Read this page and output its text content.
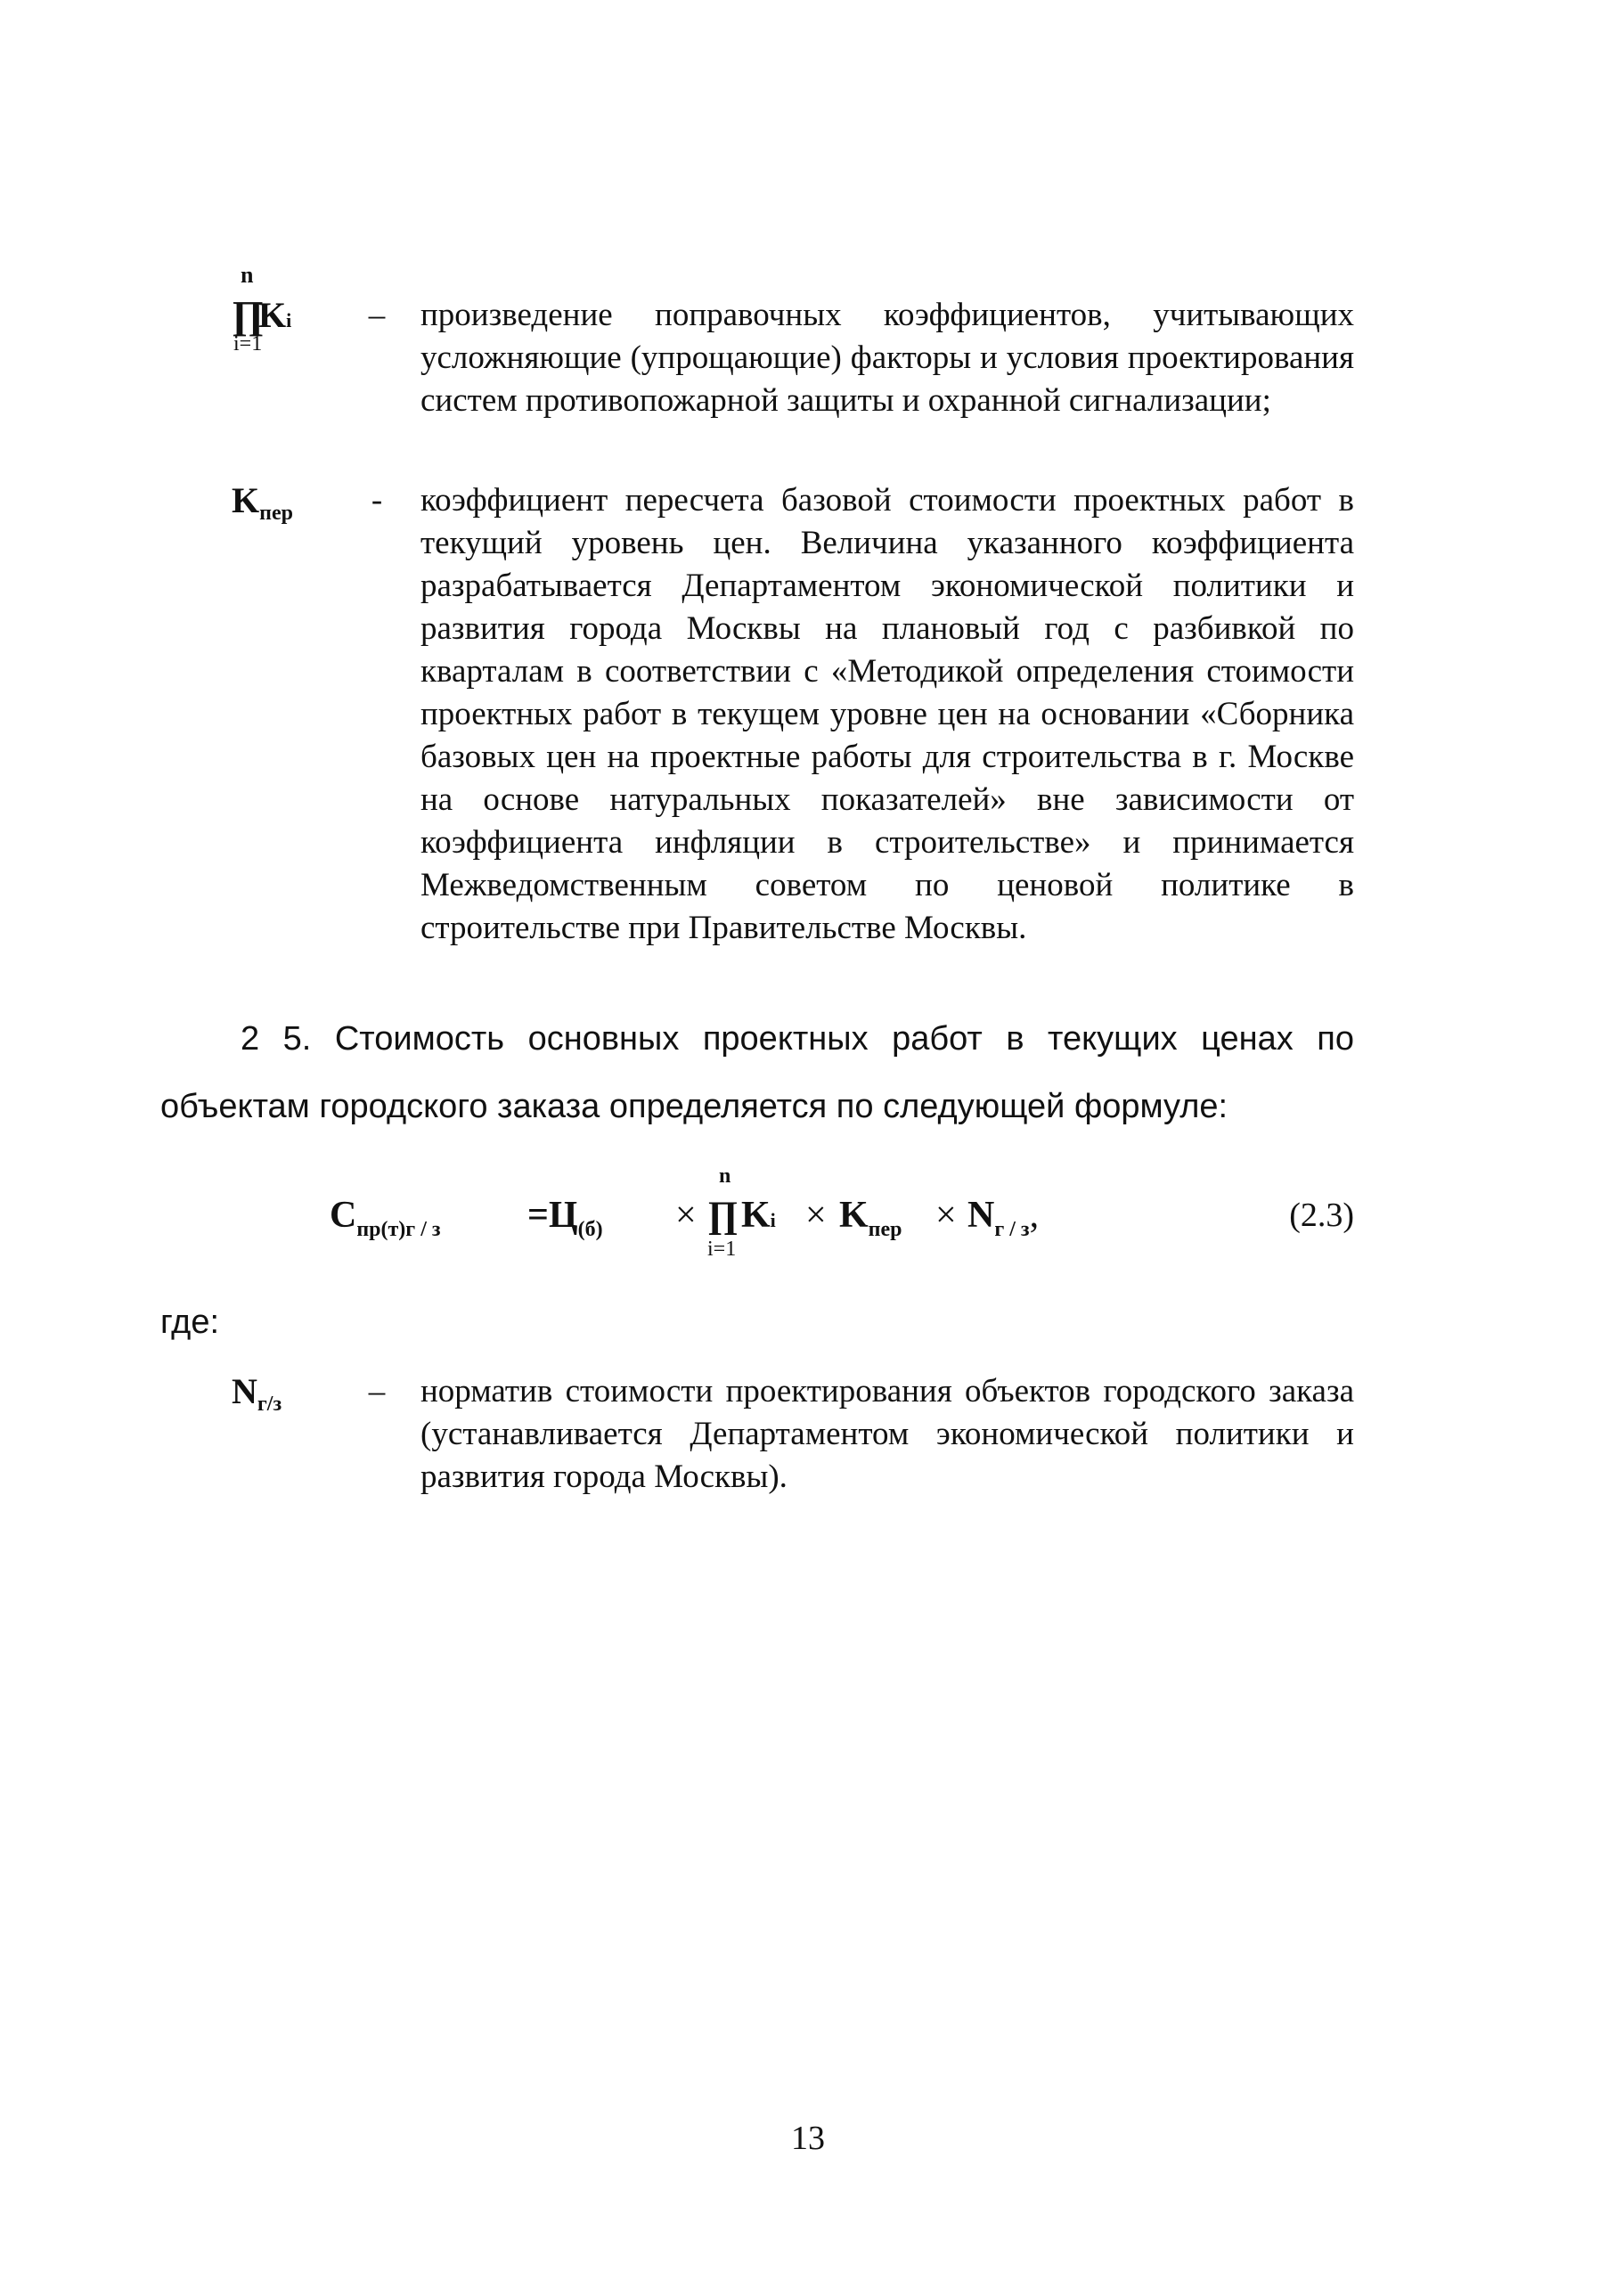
n
∏
Ki
i=1
– произведение поправочных коэффициентов, учитывающих усложняющие (упрощающие) факторы и условия проектирования систем противопожарной защиты и охранной сигнализации;
$K_{пер}$	- коэффициент пересчета базовой стоимости проектных работ в текущий уровень цен. Величина указанного коэффициента разрабатывается Департаментом экономической политики и развития города Москвы на плановый год с разбивкой по кварталам в соответствии с «Методикой определения стоимости проектных работ в текущем уровне цен на основании «Сборника базовых цен на проектные работы для строительства в г. Москве на основе натуральных показателей» вне зависимости от коэффициента инфляции в строительстве» и принимается Межведомственным советом по ценовой политике в строительстве при Правительстве Москвы.
2 5. Стоимость основных проектных работ в текущих ценах по объектам городского заказа определяется по следующей формуле:
$C_{пр(т)г / з} =Ц_{(б)}$ ×
n
∏ Ki
i=1
× $K_{пер} \times N_{г / з}$,	(2.3)
где:
$N_{г/з}$	– норматив стоимости проектирования объектов городского заказа (устанавливается Департаментом экономической политики и развития города Москвы).
13
